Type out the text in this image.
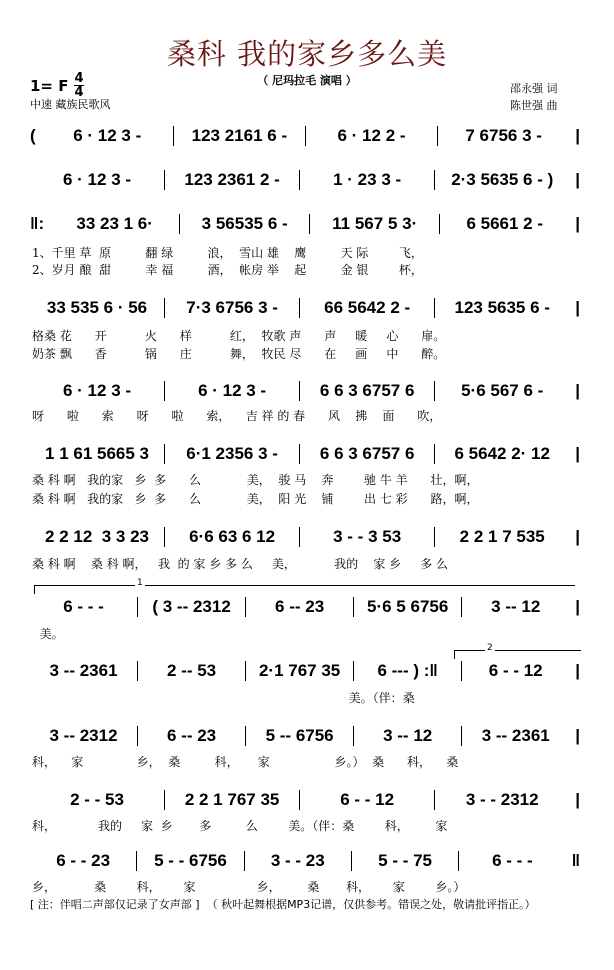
桑科 我的家乡多么美
1= F $\frac{4}{4}$	（ 尼玛拉毛 演唱 ）
中速 藏族民歌风
邵永强 词
陈世强 曲
(	6 · 12 3 -	123 2161 6 -	6 · 12 2 -	7 6756 3 -	|
6 · 12 3 -	123 2361 2 -	1 · 23 3 -	2·3 5635 6 - )	|
‖:	33 23 1 6·	3 56535 6 -	11 567 5 3·	6 5661 2 -	|
33 535 6 · 56	7·3 6756 3 -	66 5642 2 -	123 5635 6 -	|
6 · 12 3 -	6 · 12 3 -	6 6 3 6757 6	5·6 567 6 -	|
1 1 61 5665 3	6·1 2356 3 -	6 6 3 6757 6	6 5642 2· 12	|
2 2 12  3 3 23	6·6 63 6 12	3 - - 3 53	2 2 1 7 535	|
6 - - -	( 3 -- 2312	6 -- 23	5·6 5 6756	3 -- 12	|
3 -- 2361	2 -- 53	2·1 767 35	6 --- ) :‖	6 - - 12	|
3 -- 2312	6 -- 23	5 -- 6756	3 -- 12	3 -- 2361	|
2 - - 53	2 2 1 767 35	6 - - 12	3 - - 2312	|
6 - - 23	5 - - 6756	3 - - 23	5 - - 75	6 - - -	‖
1、千里 草  原         翻 绿         浪，  雪山 雄    鹰         天 际        飞，
2、岁月 酿  甜         幸 福         酒，  帐房 举    起         金 银        杯，
格桑 花      开          火      样          红，  牧歌 声      声     暖     心      扉。
奶茶 飘      香          锅      庄          舞，  牧民 尽      在     画     中      醉。
呀      啦      索      呀      啦      索，    吉 祥 的 春      风    拂    面      吹，
桑 科 啊   我的家   乡  多      么            美，  骏 马    奔        驰 牛 羊      壮，啊，
桑 科 啊   我的家   乡  多      么            美，  阳 光    铺        出 七 彩      路，啊，
桑 科 啊    桑 科 啊，   我  的 家 乡 多 么     美，          我的    家 乡     多 么
美。
美。（伴：桑
科，    家              乡，  桑         科，     家                 乡。）  桑      科，    桑
科，           我的     家  乡       多         么        美。（伴：桑        科，       家
乡，          桑        科，      家                乡，       桑       科，      家        乡。）
1
2
[ 注：伴唱二声部仅记录了女声部 ]  （ 秋叶起舞根据MP3记谱，仅供参考。错误之处，敬请批评指正。）
